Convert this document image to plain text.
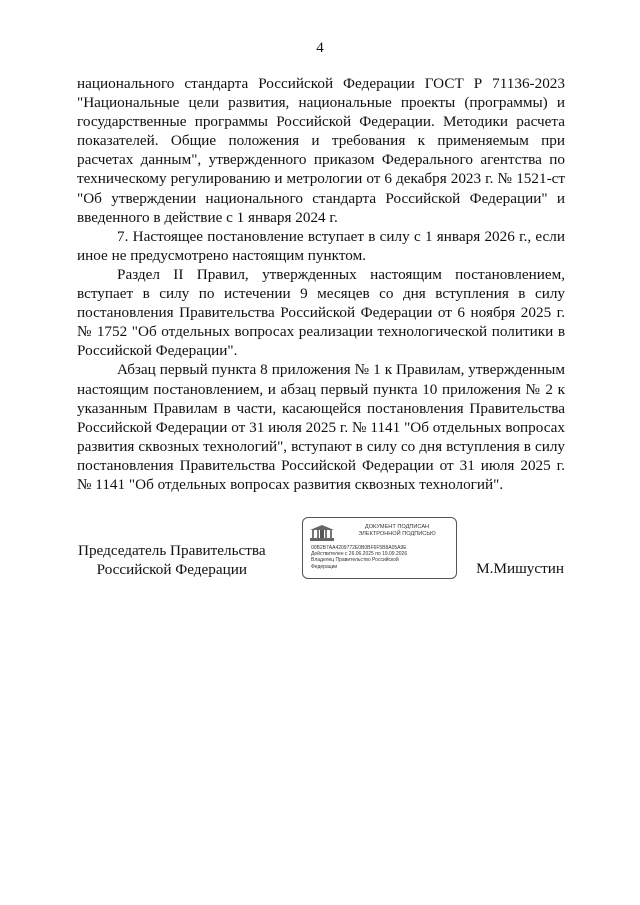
4

национального стандарта Российской Федерации ГОСТ Р 71136-2023 "Национальные цели развития, национальные проекты (программы) и государственные программы Российской Федерации. Методики расчета показателей. Общие положения и требования к применяемым при расчетах данным", утвержденного приказом Федерального агентства по техническому регулированию и метрологии от 6 декабря 2023 г. № 1521-ст "Об утверждении национального стандарта Российской Федерации" и введенного в действие с 1 января 2024 г.

7. Настоящее постановление вступает в силу с 1 января 2026 г., если иное не предусмотрено настоящим пунктом.

Раздел II Правил, утвержденных настоящим постановлением, вступает в силу по истечении 9 месяцев со дня вступления в силу постановления Правительства Российской Федерации от 6 ноября 2025 г. № 1752 "Об отдельных вопросах реализации технологической политики в Российской Федерации".

Абзац первый пункта 8 приложения № 1 к Правилам, утвержденным настоящим постановлением, и абзац первый пункта 10 приложения № 2 к указанным Правилам в части, касающейся постановления Правительства Российской Федерации от 31 июля 2025 г. № 1141 "Об отдельных вопросах развития сквозных технологий", вступают в силу со дня вступления в силу постановления Правительства Российской Федерации от 31 июля 2025 г. № 1141 "Об отдельных вопросах развития сквозных технологий".

Председатель Правительства
Российской Федерации
ДОКУМЕНТ ПОДПИСАН
ЭЛЕКТРОННОЙ ПОДПИСЬЮ
00B2B7AA4209772E0B0BF6F5B8A05A9E
Действителен с 26.06.2025 по 19.09.2026
Владелец Правительство Российской
Федерации	М.Мишустин
